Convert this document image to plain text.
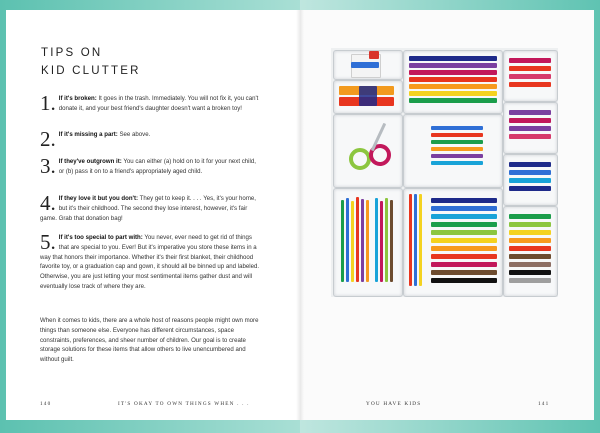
TIPS ON
KID CLUTTER
1. If it's broken: It goes in the trash. Immediately. You will not fix it, you can't donate it, and your best friend's daughter doesn't want a broken toy!
2. If it's missing a part: See above.
3. If they've outgrown it: You can either (a) hold on to it for your next child, or (b) pass it on to a friend's appropriately aged child.
4. If they love it but you don't: They get to keep it. . . . Yes, it's your home, but it's their childhood. The second they lose interest, however, it's fair game. Grab that donation bag!
5. If it's too special to part with: You never, ever need to get rid of things that are special to you. Ever! But it's imperative you store these items in a way that honors their importance. Whether it's their first blanket, their childhood favorite toy, or a graduation cap and gown, it should all be binned up and labeled. Otherwise, you are just letting your most sentimental items gather dust and will eventually lose track of where they are.
When it comes to kids, there are a whole host of reasons people might own more things than someone else. Everyone has different circumstances, space constraints, preferences, and sheer number of children. Our goal is to create storage solutions for these items that allow others to live unencumbered and without guilt.
140	IT'S OKAY TO OWN THINGS WHEN . . .	YOU HAVE KIDS	141
